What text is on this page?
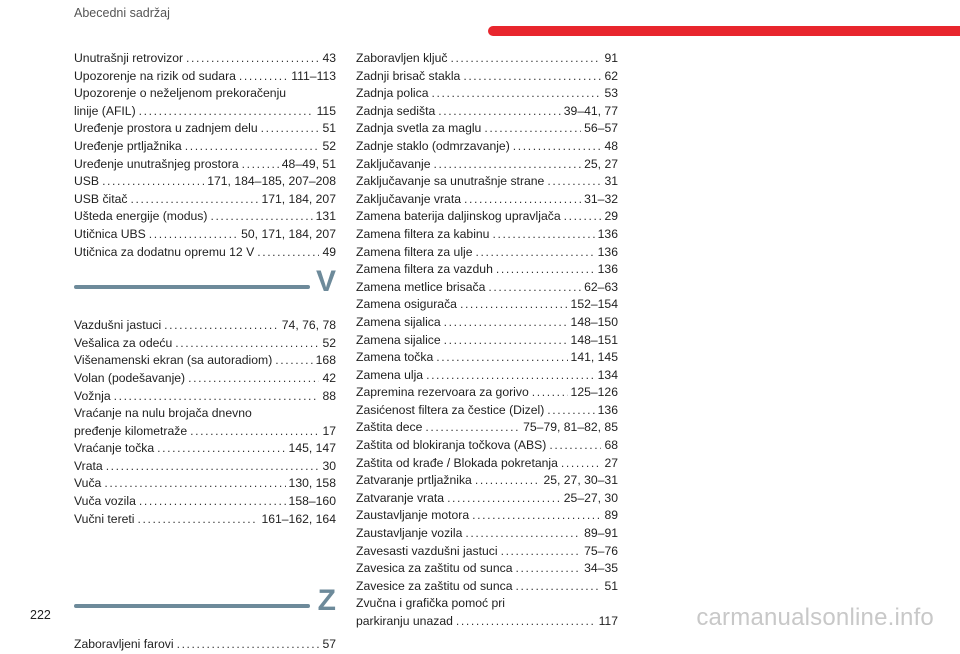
Abecedni sadržaj
Unutrašnji retrovizor .....	43
Upozorenje na rizik od sudara .....	111–113
Upozorenje o neželjenom prekoračenju
linije (AFIL) .....	115
Uređenje prostora u zadnjem delu .....	51
Uređenje prtljažnika .....	52
Uređenje unutrašnjeg prostora .....	48–49, 51
USB .....	171, 184–185, 207–208
USB čitač .....	171, 184, 207
Ušteda energije (modus) .....	131
Utičnica UBS .....	50, 171, 184, 207
Utičnica za dodatnu opremu 12 V .....	49
V
Vazdušni jastuci .....	74, 76, 78
Vešalica za odeću .....	52
Višenamenski ekran (sa autoradiom) .....	168
Volan (podešavanje) .....	42
Vožnja .....	88
Vraćanje na nulu brojača dnevno
pređenje kilometraže .....	17
Vraćanje točka .....	145, 147
Vrata .....	30
Vuča .....	130, 158
Vuča vozila .....	158–160
Vučni tereti .....	161–162, 164
Z
Zaboravljeni farovi .....	57
Zaboravljen ključ .....	91
Zadnji brisač stakla .....	62
Zadnja polica .....	53
Zadnja sedišta .....	39–41, 77
Zadnja svetla za maglu .....	56–57
Zadnje staklo (odmrzavanje) .....	48
Zaključavanje .....	25, 27
Zaključavanje sa unutrašnje strane .....	31
Zaključavanje vrata .....	31–32
Zamena baterija daljinskog upravljača .....	29
Zamena filtera za kabinu .....	136
Zamena filtera za ulje .....	136
Zamena filtera za vazduh .....	136
Zamena metlice brisača .....	62–63
Zamena osigurača .....	152–154
Zamena sijalica .....	148–150
Zamena sijalice .....	148–151
Zamena točka .....	141, 145
Zamena ulja .....	134
Zapremina rezervoara za gorivo .....	125–126
Zasićenost filtera za čestice (Dizel) .....	136
Zaštita dece .....	75–79, 81–82, 85
Zaštita od blokiranja točkova (ABS) .....	68
Zaštita od krađe / Blokada pokretanja .....	27
Zatvaranje prtljažnika .....	25, 27, 30–31
Zatvaranje vrata .....	25–27, 30
Zaustavljanje motora .....	89
Zaustavljanje vozila .....	89–91
Zavesasti vazdušni jastuci .....	75–76
Zavesica za zaštitu od sunca .....	34–35
Zavesice za zaštitu od sunca .....	51
Zvučna i grafička pomoć pri
parkiranju unazad .....	117
222	carmanualsonline.info
